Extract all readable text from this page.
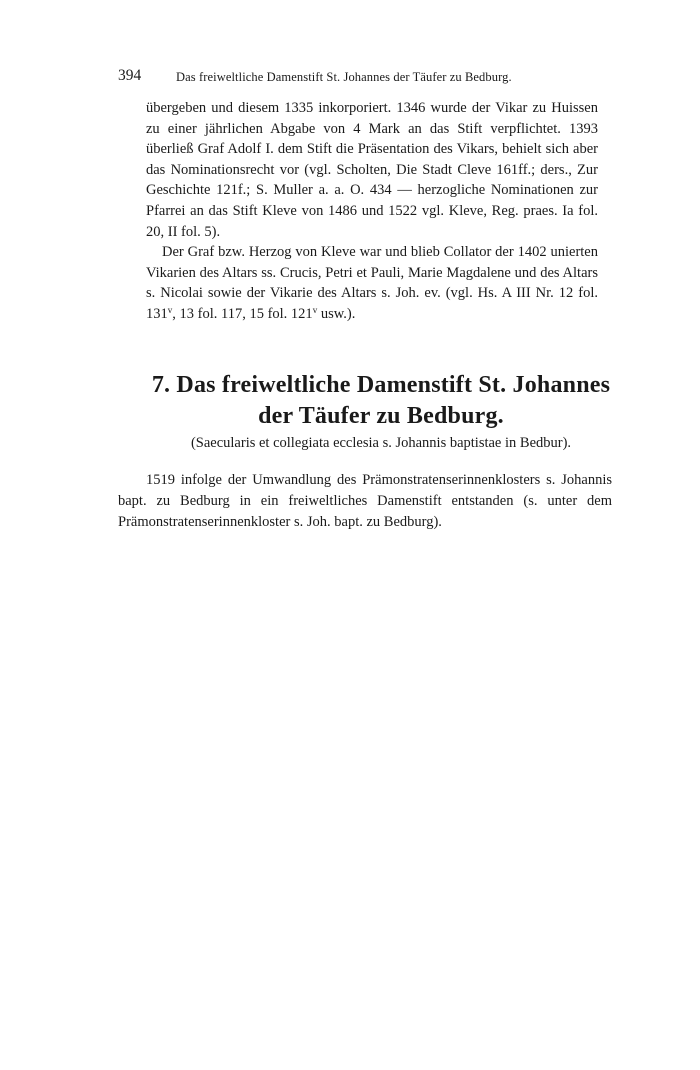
394	Das freiweltliche Damenstift St. Johannes der Täufer zu Bedburg.

übergeben und diesem 1335 inkorporiert. 1346 wurde der Vikar zu Huissen zu einer jährlichen Abgabe von 4 Mark an das Stift verpflichtet. 1393 überließ Graf Adolf I. dem Stift die Präsentation des Vikars, behielt sich aber das Nominationsrecht vor (vgl. Scholten, Die Stadt Cleve 161ff.; ders., Zur Geschichte 121f.; S. Muller a. a. O. 434 — herzogliche Nominationen zur Pfarrei an das Stift Kleve von 1486 und 1522 vgl. Kleve, Reg. praes. Ia fol. 20, II fol. 5).

Der Graf bzw. Herzog von Kleve war und blieb Collator der 1402 unierten Vikarien des Altars ss. Crucis, Petri et Pauli, Marie Magdalene und des Altars s. Nicolai sowie der Vikarie des Altars s. Joh. ev. (vgl. Hs. A III Nr. 12 fol. 131$^v$, 13 fol. 117, 15 fol. 121$^v$ usw.).

7. Das freiweltliche Damenstift St. Johannes
der Täufer zu Bedburg.

(Saecularis et collegiata ecclesia s. Johannis baptistae in Bedbur).

1519 infolge der Umwandlung des Prämonstratenserinnenklosters s. Johannis bapt. zu Bedburg in ein freiweltliches Damenstift entstanden (s. unter dem Prämonstratenserinnenkloster s. Joh. bapt. zu Bedburg).
